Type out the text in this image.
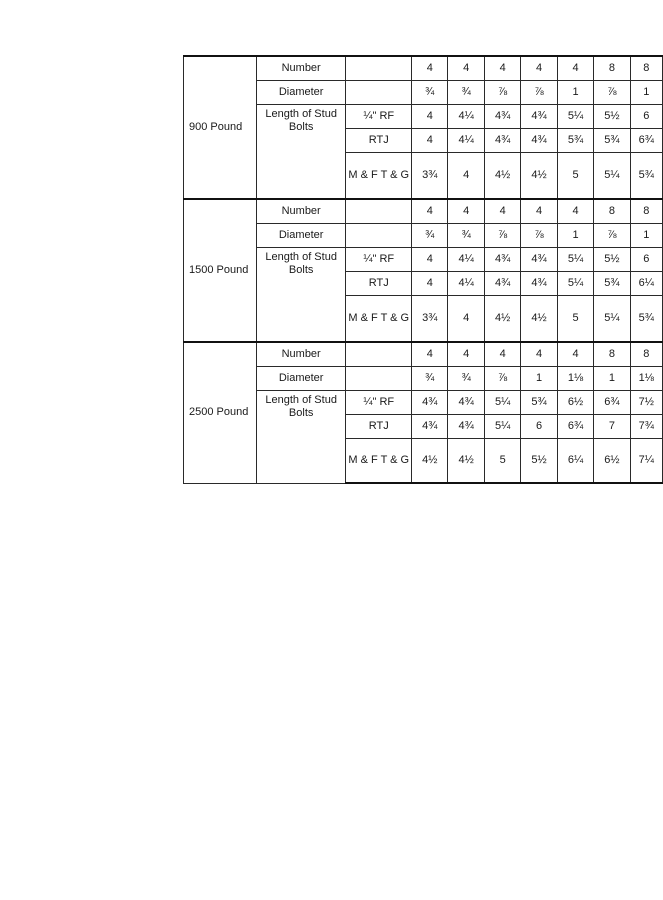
900 Pound	Number		4	4	4	4	4	8	8
	Diameter		¾	¾	⅞	⅞	1	⅞	1
	Length of Stud Bolts	¼" RF	4	4¼	4¾	4¾	5¼	5½	6
		RTJ	4	4¼	4¾	4¾	5¾	5¾	6¾
		M & F T & G	3¾	4	4½	4½	5	5¼	5¾
1500 Pound	Number		4	4	4	4	4	8	8
	Diameter		¾	¾	⅞	⅞	1	⅞	1
	Length of Stud Bolts	¼" RF	4	4¼	4¾	4¾	5¼	5½	6
		RTJ	4	4¼	4¾	4¾	5¼	5¾	6¼
		M & F T & G	3¾	4	4½	4½	5	5¼	5¾
2500 Pound	Number		4	4	4	4	4	8	8
	Diameter		¾	¾	⅞	1	1⅛	1	1⅛
	Length of Stud Bolts	¼" RF	4¾	4¾	5¼	5¾	6½	6¾	7½
		RTJ	4¾	4¾	5¼	6	6¾	7	7¾
		M & F T & G	4½	4½	5	5½	6¼	6½	7¼
